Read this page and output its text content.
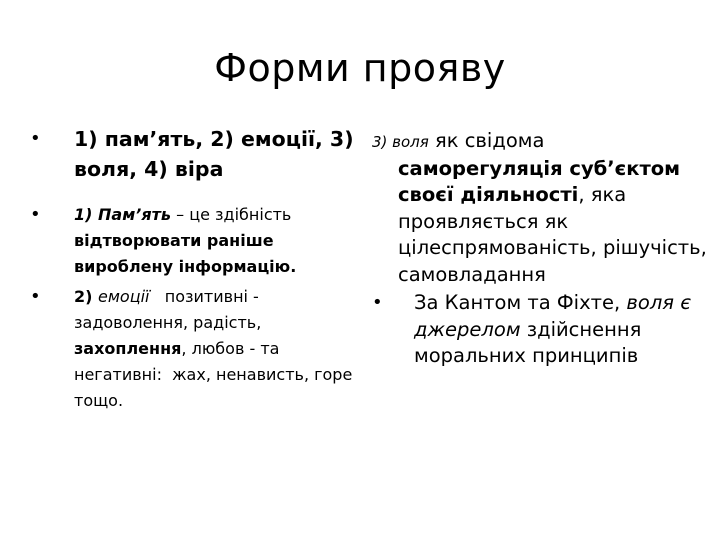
Форми прояву
• 1) пам’ять, 2) емоції, 3) воля, 4) віра
• 1) Пам’ять – це здібність відтворювати раніше вироблену інформацію.
• 2) емоції   позитивні - задоволення, радість, захоплення, любов - та негативні:  жах, ненависть, горе тощо.
3) воля як свідома саморегуляція суб’єктом своєї діяльності, яка проявляється як цілеспрямованість, рішучість, самовладання
• За Кантом та Фіхте, воля є джерелом здійснення моральних принципів
